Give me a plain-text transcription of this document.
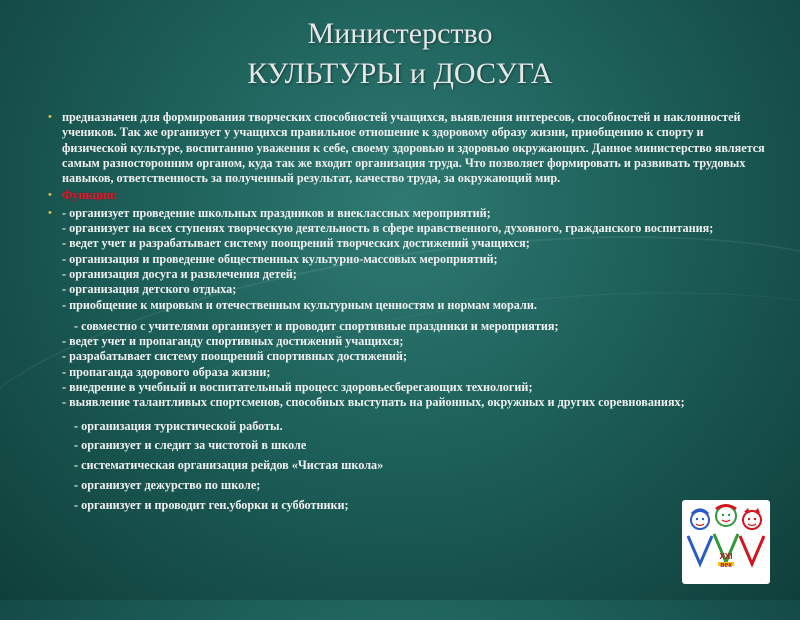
Министерство
КУЛЬТУРЫ и ДОСУГА
• предназначен для формирования творческих способностей учащихся, выявления интересов, способностей и наклонностей учеников. Так же организует у учащихся правильное отношение к здоровому образу жизни, приобщению к спорту и физической культуре, воспитанию уважения к себе, своему здоровью и здоровью окружающих. Данное министерство является самым разносторонним органом, куда так же входит организация труда. Что позволяет формировать и развивать трудовых навыков, ответственность за полученный результат, качество труда, за окружающий мир.
• Функции:
• - организует проведение школьных праздников и внеклассных мероприятий;
- организует на всех ступенях творческую деятельность в сфере нравственного, духовного, гражданского воспитания;
- ведет учет и разрабатывает систему поощрений творческих достижений учащихся;
- организация и проведение общественных культурно-массовых мероприятий;
- организация досуга и развлечения детей;
- организация детского отдыха;
- приобщение к мировым и отечественным культурным ценностям и нормам морали.
- совместно с учителями организует и проводит спортивные праздники и мероприятия;
- ведет учет и пропаганду спортивных достижений учащихся;
- разрабатывает систему поощрений спортивных достижений;
- пропаганда здорового образа жизни;
- внедрение в учебный и воспитательный процесс здоровьесберегающих технологий;
- выявление талантливых спортсменов, способных выступать на районных, окружных и других соревнованиях;
- организация туристической работы.
- организует и следит за чистотой в школе
- систематическая организация рейдов «Чистая школа»
- организует дежурство по школе;
- организует и проводит ген.уборки и субботники;
XXI
век
